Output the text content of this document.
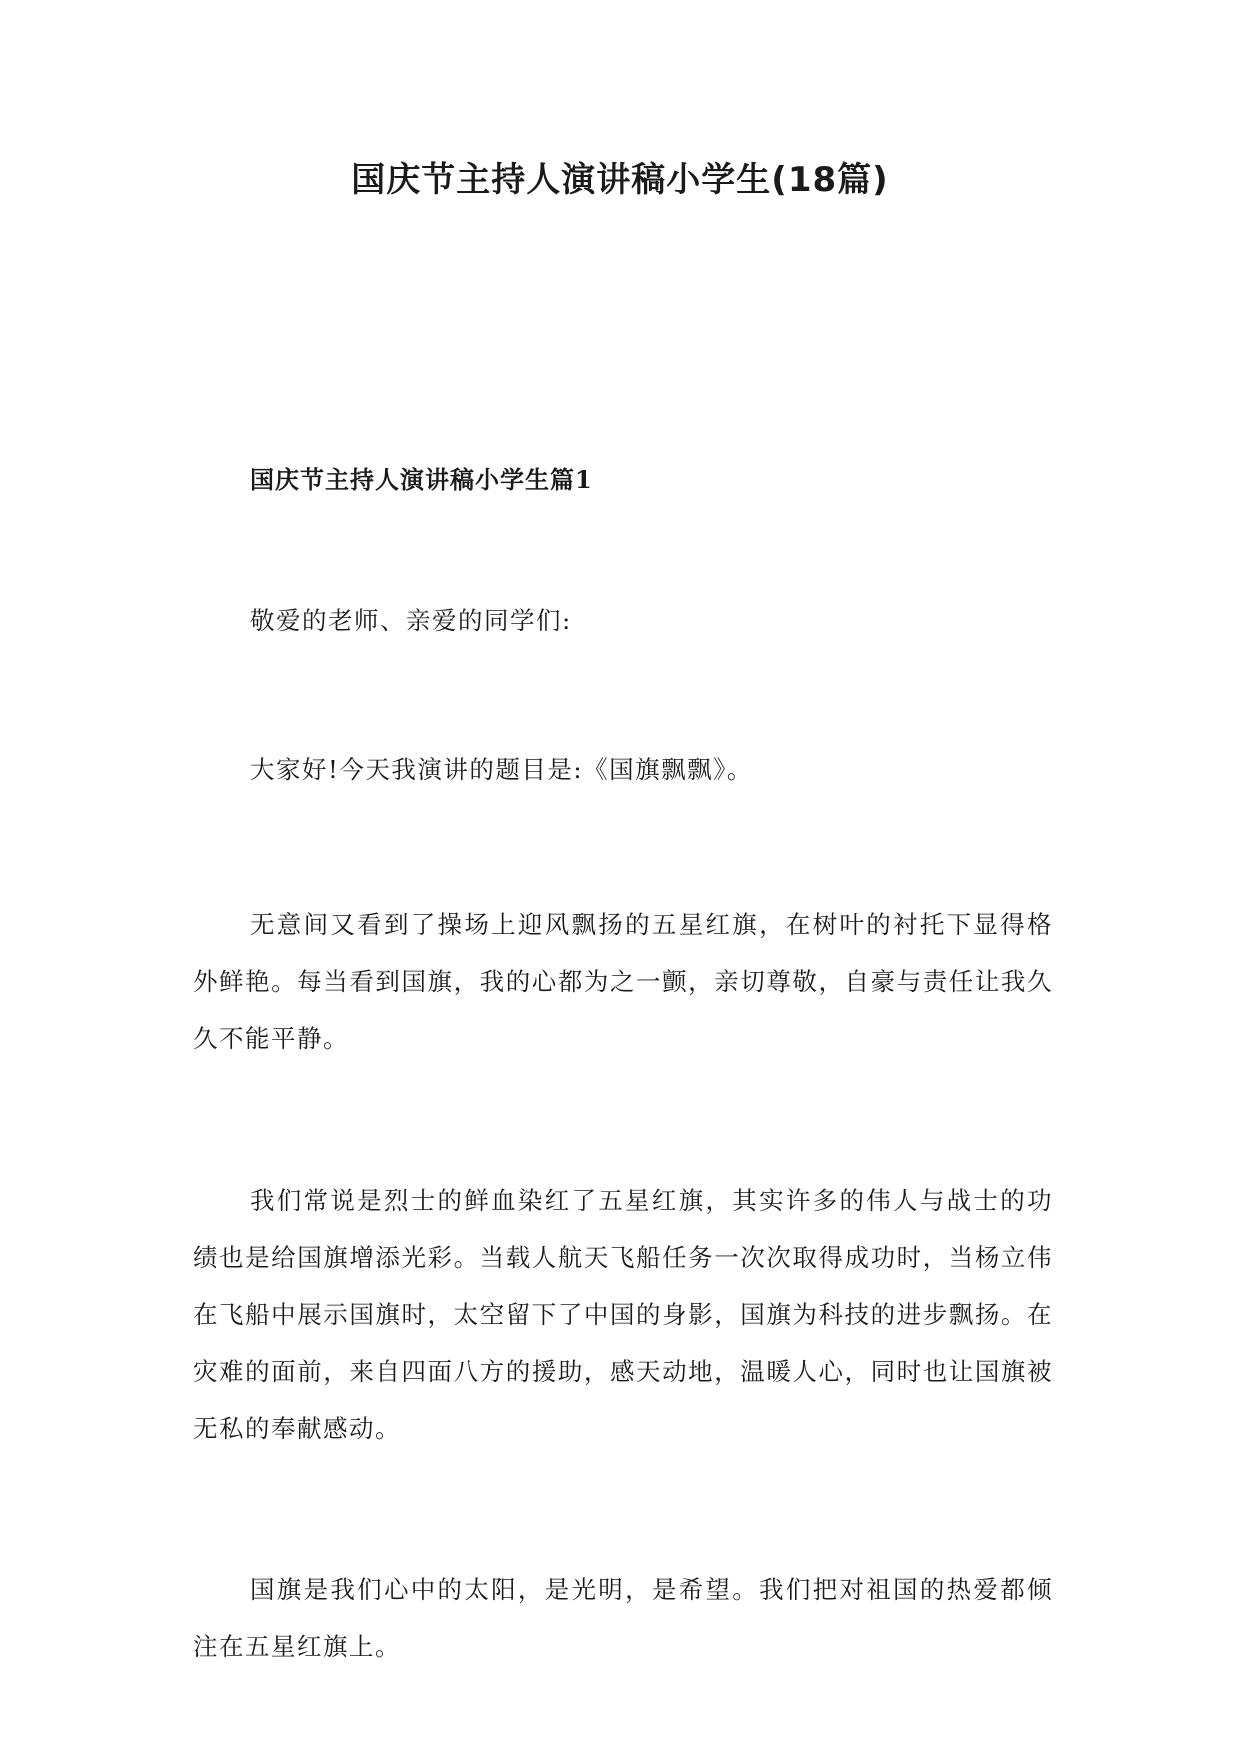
国庆节主持人演讲稿小学生(18篇)
国庆节主持人演讲稿小学生篇1

敬爱的老师、亲爱的同学们:

大家好!今天我演讲的题目是:《国旗飘飘》。

无意间又看到了操场上迎风飘扬的五星红旗，在树叶的衬托下显得格外鲜艳。每当看到国旗，我的心都为之一颤，亲切尊敬，自豪与责任让我久久不能平静。

我们常说是烈士的鲜血染红了五星红旗，其实许多的伟人与战士的功绩也是给国旗增添光彩。当载人航天飞船任务一次次取得成功时，当杨立伟在飞船中展示国旗时，太空留下了中国的身影，国旗为科技的进步飘扬。在灾难的面前，来自四面八方的援助，感天动地，温暖人心，同时也让国旗被无私的奉献感动。

国旗是我们心中的太阳，是光明，是希望。我们把对祖国的热爱都倾注在五星红旗上。
